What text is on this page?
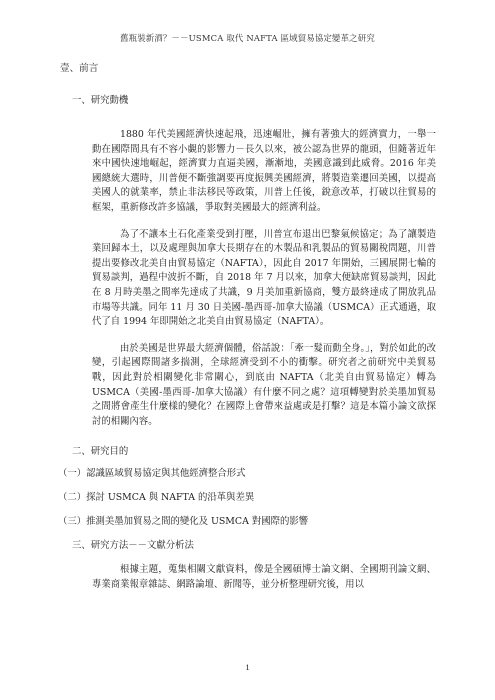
舊瓶裝新酒？－－USMCA 取代 NAFTA 區域貿易協定變革之研究
壹、前言
一、研究動機

1880 年代美國經濟快速起飛，迅速崛壯，擁有著強大的經濟實力，一舉一動在國際間具有不容小覷的影響力－長久以來，被公認為世界的龍頭，但隨著近年來中國快速地崛起，經濟實力直逼美國，漸漸地，美國意識到此威脅。2016 年美國總統大選時，川普便不斷強調要再度振興美國經濟，將製造業遷回美國，以提高美國人的就業率，禁止非法移民等政策，川普上任後，銳意改革，打破以往貿易的框架，重新修改許多協議，爭取對美國最大的經濟利益。

為了不讓本土石化產業受到打壓，川普宣布退出巴黎氣候協定；為了讓製造業回歸本土，以及處理與加拿大長期存在的木製品和乳製品的貿易關稅問題，川普提出要修改北美自由貿易協定（NAFTA），因此自 2017 年開始，三國展開七輪的貿易談判，過程中波折不斷，自 2018 年 7 月以來，加拿大便缺席貿易談判，因此在 8 月時美墨之間率先達成了共識，9 月美加重新協商，雙方最終達成了開放乳品市場等共識。同年 11 月 30 日美國-墨西哥-加拿大協議（USMCA）正式通過，取代了自 1994 年即開始之北美自由貿易協定（NAFTA）。

由於美國是世界最大經濟個體，俗話說：「牽一髮而動全身。」，對於如此的改變，引起國際間諸多揣測，全球經濟受到不小的衝擊。研究者之前研究中美貿易戰，因此對於相關變化非常關心，到底由 NAFTA（北美自由貿易協定）轉為 USMCA（美國-墨西哥-加拿大協議）有什麼不同之處？這項轉變對於美墨加貿易之間將會產生什麼樣的變化？在國際上會帶來益處或是打擊？這是本篇小論文欲探討的相關內容。

二、研究目的

（一）認識區域貿易協定與其他經濟整合形式

（二）探討 USMCA 與 NAFTA 的沿革與差異

（三）推測美墨加貿易之間的變化及 USMCA 對國際的影響

三、研究方法－－文獻分析法

根據主題，蒐集相關文獻資料，像是全國碩博士論文網、全國期刊論文網、專業商業報章雜誌、網路論壇、新聞等，並分析整理研究後，用以

1
